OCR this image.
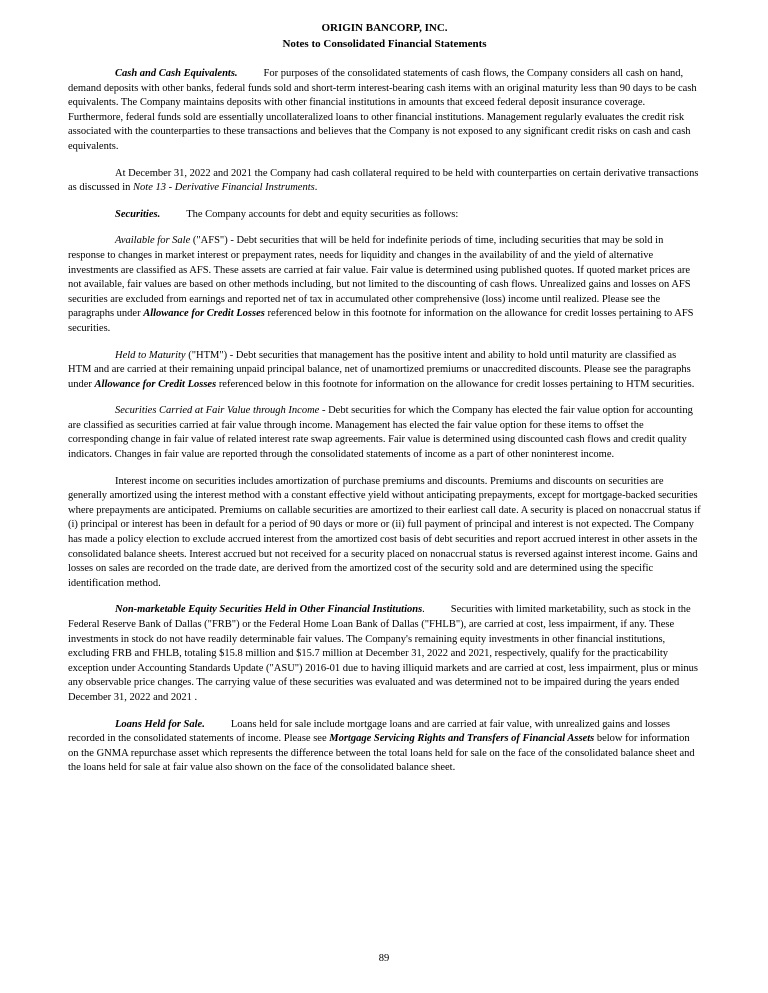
ORIGIN BANCORP, INC.
Notes to Consolidated Financial Statements

Cash and Cash Equivalents. For purposes of the consolidated statements of cash flows, the Company considers all cash on hand, demand deposits with other banks, federal funds sold and short-term interest-bearing cash items with an original maturity less than 90 days to be cash equivalents. The Company maintains deposits with other financial institutions in amounts that exceed federal deposit insurance coverage. Furthermore, federal funds sold are essentially uncollateralized loans to other financial institutions. Management regularly evaluates the credit risk associated with the counterparties to these transactions and believes that the Company is not exposed to any significant credit risks on cash and cash equivalents.

At December 31, 2022 and 2021 the Company had cash collateral required to be held with counterparties on certain derivative transactions as discussed in Note 13 - Derivative Financial Instruments.

Securities. The Company accounts for debt and equity securities as follows:

Available for Sale ("AFS") - Debt securities that will be held for indefinite periods of time, including securities that may be sold in response to changes in market interest or prepayment rates, needs for liquidity and changes in the availability of and the yield of alternative investments are classified as AFS. These assets are carried at fair value. Fair value is determined using published quotes. If quoted market prices are not available, fair values are based on other methods including, but not limited to the discounting of cash flows. Unrealized gains and losses on AFS securities are excluded from earnings and reported net of tax in accumulated other comprehensive (loss) income until realized. Please see the paragraphs under Allowance for Credit Losses referenced below in this footnote for information on the allowance for credit losses pertaining to AFS securities.

Held to Maturity ("HTM") - Debt securities that management has the positive intent and ability to hold until maturity are classified as HTM and are carried at their remaining unpaid principal balance, net of unamortized premiums or unaccredited discounts. Please see the paragraphs under Allowance for Credit Losses referenced below in this footnote for information on the allowance for credit losses pertaining to HTM securities.

Securities Carried at Fair Value through Income - Debt securities for which the Company has elected the fair value option for accounting are classified as securities carried at fair value through income. Management has elected the fair value option for these items to offset the corresponding change in fair value of related interest rate swap agreements. Fair value is determined using discounted cash flows and credit quality indicators. Changes in fair value are reported through the consolidated statements of income as a part of other noninterest income.

Interest income on securities includes amortization of purchase premiums and discounts. Premiums and discounts on securities are generally amortized using the interest method with a constant effective yield without anticipating prepayments, except for mortgage-backed securities where prepayments are anticipated. Premiums on callable securities are amortized to their earliest call date. A security is placed on nonaccrual status if (i) principal or interest has been in default for a period of 90 days or more or (ii) full payment of principal and interest is not expected. The Company has made a policy election to exclude accrued interest from the amortized cost basis of debt securities and report accrued interest in other assets in the consolidated balance sheets. Interest accrued but not received for a security placed on nonaccrual status is reversed against interest income. Gains and losses on sales are recorded on the trade date, are derived from the amortized cost of the security sold and are determined using the specific identification method.

Non-marketable Equity Securities Held in Other Financial Institutions. Securities with limited marketability, such as stock in the Federal Reserve Bank of Dallas ("FRB") or the Federal Home Loan Bank of Dallas ("FHLB"), are carried at cost, less impairment, if any. These investments in stock do not have readily determinable fair values. The Company's remaining equity investments in other financial institutions, excluding FRB and FHLB, totaling $15.8 million and $15.7 million at December 31, 2022 and 2021, respectively, qualify for the practicability exception under Accounting Standards Update ("ASU") 2016-01 due to having illiquid markets and are carried at cost, less impairment, plus or minus any observable price changes. The carrying value of these securities was evaluated and was determined not to be impaired during the years ended December 31, 2022 and 2021 .

Loans Held for Sale. Loans held for sale include mortgage loans and are carried at fair value, with unrealized gains and losses recorded in the consolidated statements of income. Please see Mortgage Servicing Rights and Transfers of Financial Assets below for information on the GNMA repurchase asset which represents the difference between the total loans held for sale on the face of the consolidated balance sheet and the loans held for sale at fair value also shown on the face of the consolidated balance sheet.

89
